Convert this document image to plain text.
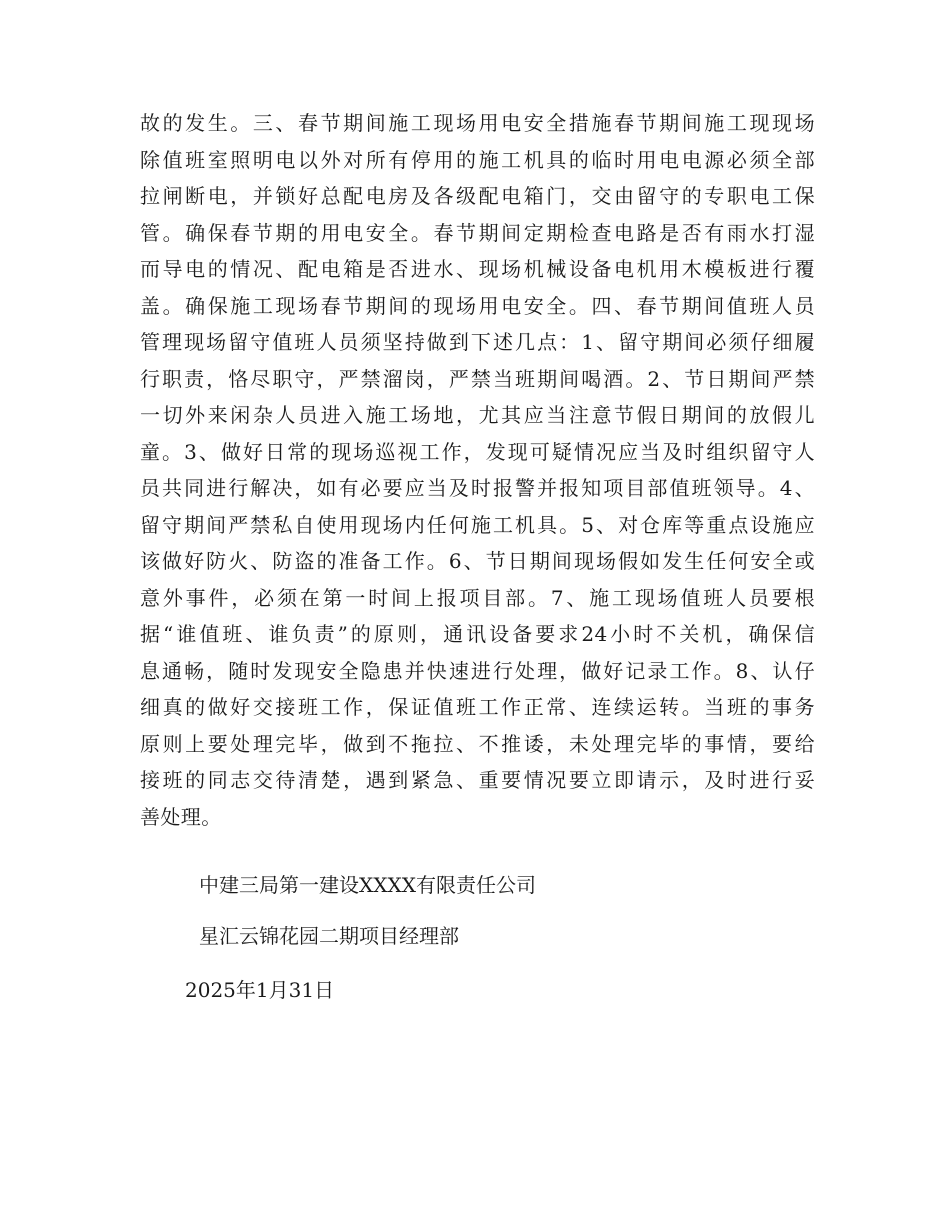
故的发生。三、春节期间施工现场用电安全措施春节期间施工现现场
除值班室照明电以外对所有停用的施工机具的临时用电电源必须全部
拉闸断电，并锁好总配电房及各级配电箱门，交由留守的专职电工保
管。确保春节期的用电安全。春节期间定期检查电路是否有雨水打湿
而导电的情况、配电箱是否进水、现场机械设备电机用木模板进行覆
盖。确保施工现场春节期间的现场用电安全。四、春节期间值班人员
管理现场留守值班人员须坚持做到下述几点：1、留守期间必须仔细履
行职责，恪尽职守，严禁溜岗，严禁当班期间喝酒。2、节日期间严禁
一切外来闲杂人员进入施工场地，尤其应当注意节假日期间的放假儿
童。3、做好日常的现场巡视工作，发现可疑情况应当及时组织留守人
员共同进行解决，如有必要应当及时报警并报知项目部值班领导。4、
留守期间严禁私自使用现场内任何施工机具。5、对仓库等重点设施应
该做好防火、防盗的准备工作。6、节日期间现场假如发生任何安全或
意外事件，必须在第一时间上报项目部。7、施工现场值班人员要根
据“谁值班、谁负责”的原则，通讯设备要求24小时不关机，确保信
息通畅，随时发现安全隐患并快速进行处理，做好记录工作。8、认仔
细真的做好交接班工作，保证值班工作正常、连续运转。当班的事务
原则上要处理完毕，做到不拖拉、不推诿，未处理完毕的事情，要给
接班的同志交待清楚，遇到紧急、重要情况要立即请示，及时进行妥
善处理。

中建三局第一建设XXXX有限责任公司

星汇云锦花园二期项目经理部

2025年1月31日
